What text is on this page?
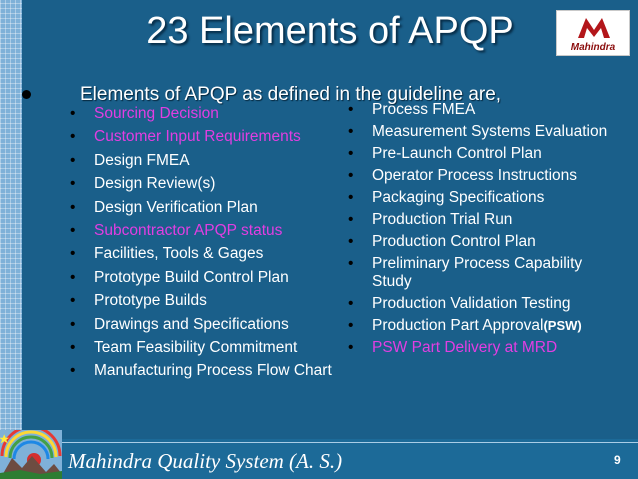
23 Elements of APQP	Mahindra
Elements of APQP as defined in the guideline are,
• Sourcing Decision
• Customer Input Requirements
• Design FMEA
• Design Review(s)
• Design Verification Plan
• Subcontractor APQP status
• Facilities, Tools & Gages
• Prototype Build Control Plan
• Prototype Builds
• Drawings and Specifications
• Team Feasibility Commitment
• Manufacturing Process Flow Chart
• Process FMEA
• Measurement Systems Evaluation
• Pre-Launch Control Plan
• Operator Process Instructions
• Packaging Specifications
• Production Trial Run
• Production Control Plan
• Preliminary Process Capability Study
• Production Validation Testing
• Production Part Approval(PSW)
• PSW Part Delivery at MRD
Mahindra Quality System (A. S.)	9
